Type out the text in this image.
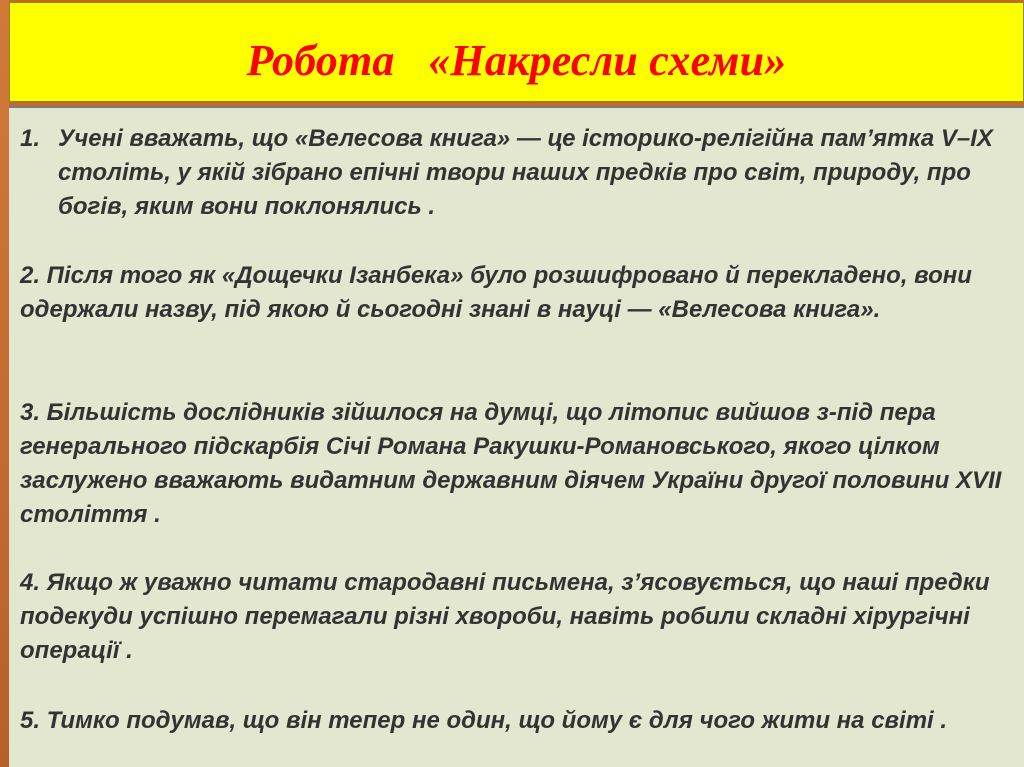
Робота   «Накресли схеми»

1. Учені вважать, що «Велесова книга» — це історико-релігійна пам’ятка V–IX століть, у якій зібрано епічні твори наших предків про світ, природу, про богів, яким вони поклонялись .

2. Після того як «Дощечки Ізанбека» було розшифровано й перекладено, вони одержали назву, під якою й сьогодні знані в науці — «Велесова книга».

3. Більшість дослідників зійшлося на думці, що літопис вийшов з-під пера генерального підскарбія Січі Романа Ракушки-Романовського, якого цілком заслужено вважають видатним державним діячем України другої половини XVII століття .

4. Якщо ж уважно читати стародавні письмена, з’ясовується, що наші предки подекуди успішно перемагали різні хвороби, навіть робили складні хірургічні операції .

5. Тимко подумав, що він тепер не один, що йому є для чого жити на світі .
